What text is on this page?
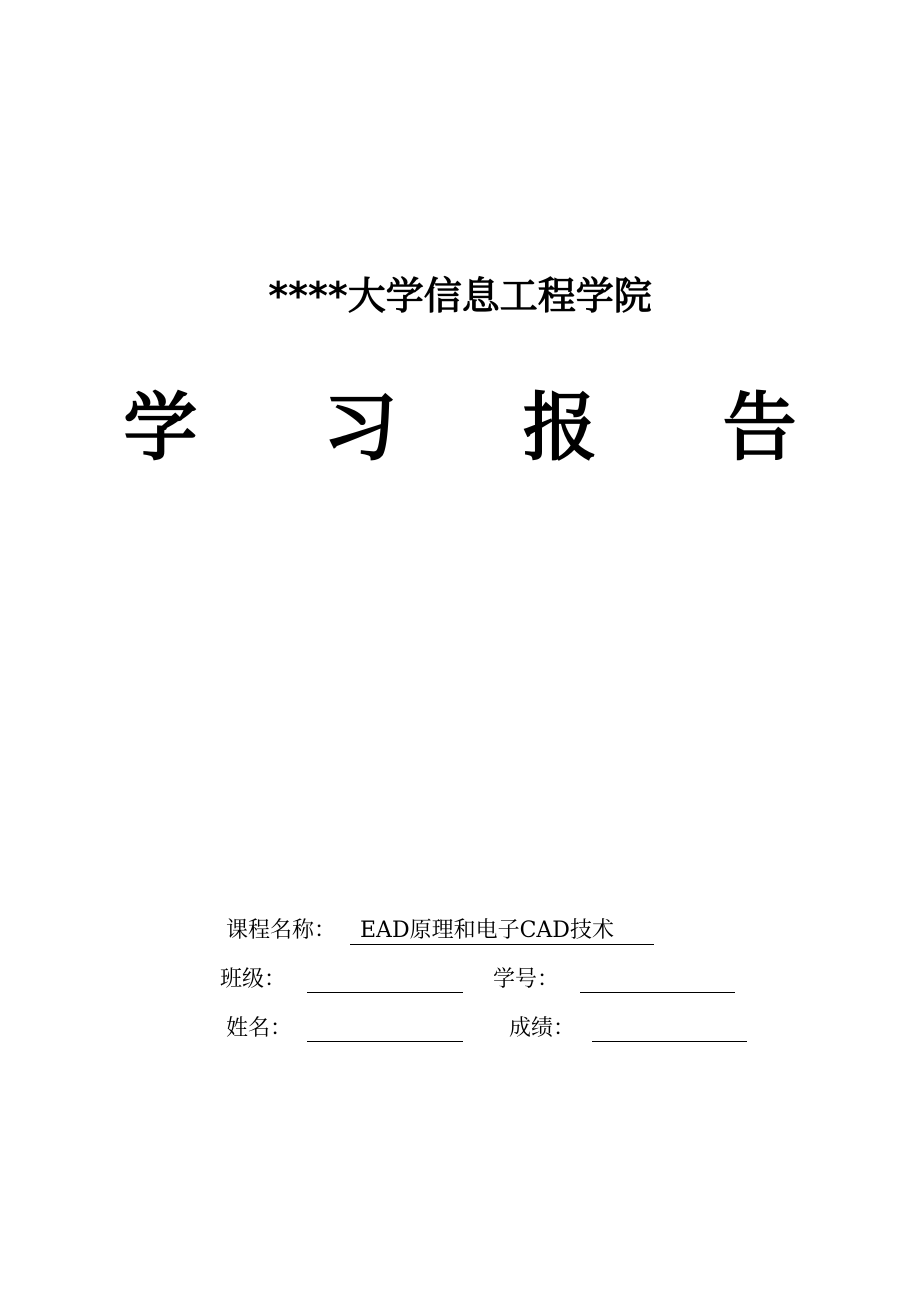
****大学信息工程学院
学 习 报 告
课程名称： EAD原理和电子CAD技术
班级：	学号：
姓名：	成绩：
